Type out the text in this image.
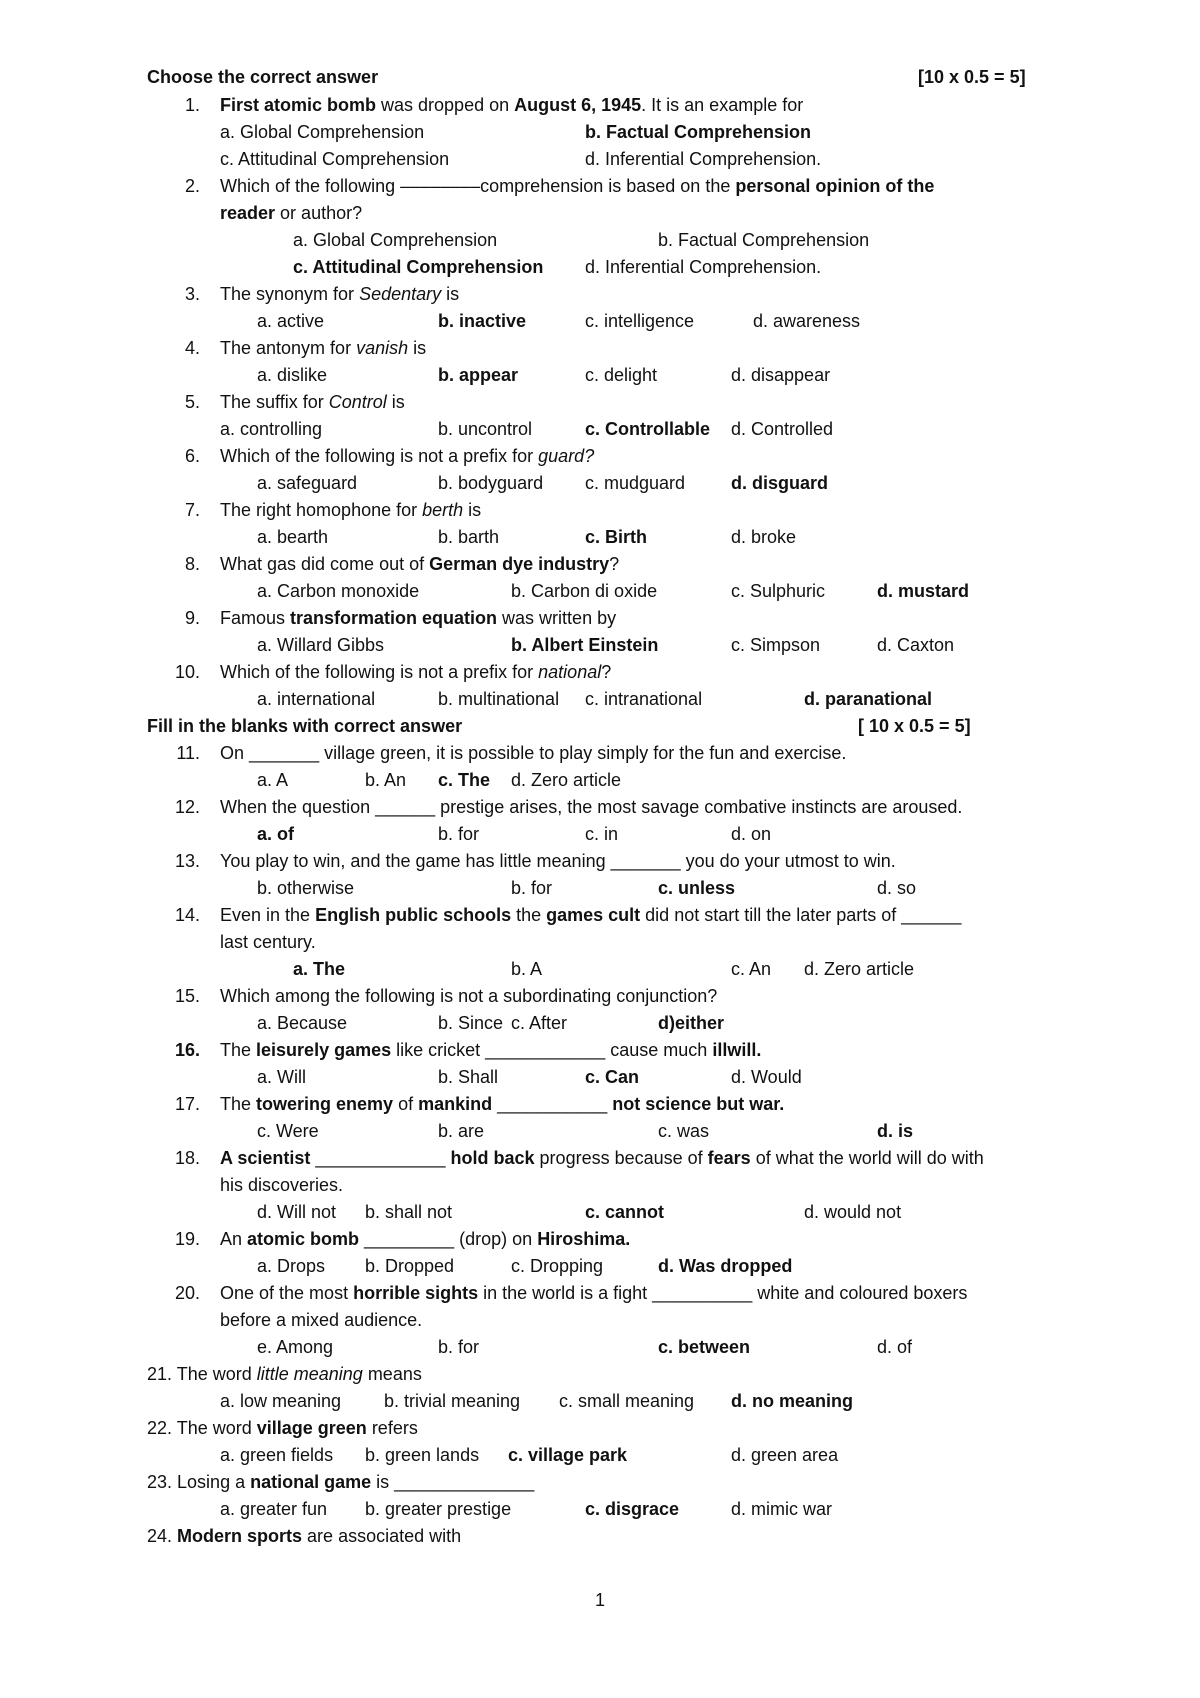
Choose the correct answer	[10 x 0.5 = 5]
1. First atomic bomb was dropped on August 6, 1945. It is an example for
a. Global Comprehension	b. Factual Comprehension
c. Attitudinal Comprehension	d. Inferential Comprehension.
2. Which of the following ––––––––comprehension is based on the personal opinion of the
reader or author?
a. Global Comprehension	b. Factual Comprehension
c. Attitudinal Comprehension d. Inferential Comprehension.
3. The synonym for Sedentary is
a. active	b. inactive	c. intelligence	d. awareness
4. The antonym for vanish is
a. dislike	b. appear	c. delight	d. disappear
5. The suffix for Control is
a. controlling	b. uncontrol	c. Controllable d. Controlled
6. Which of the following is not a prefix for guard?
a. safeguard	b. bodyguard c. mudguard	d. disguard
7. The right homophone for berth is
a. bearth	b. barth	c. Birth	d. broke
8. What gas did come out of German dye industry?
a. Carbon monoxide	b. Carbon di oxide	c. Sulphuric	d. mustard
9. Famous transformation equation was written by
a. Willard Gibbs	b. Albert Einstein	c. Simpson	d. Caxton
10. Which of the following is not a prefix for national?
a. international	b. multinational c. intranational	d. paranational
Fill in the blanks with correct answer	[ 10 x 0.5 = 5]
11. On _______ village green, it is possible to play simply for the fun and exercise.
a. A	b. An c. The d. Zero article
12. When the question ______ prestige arises, the most savage combative instincts are aroused.
a. of	b. for	c. in	d. on
13. You play to win, and the game has little meaning _______ you do your utmost to win.
b. otherwise	b. for	c. unless	d. so
14. Even in the English public schools the games cult did not start till the later parts of ______
last century.
a. The	b. A	c. An d. Zero article
15. Which among the following is not a subordinating conjunction?
a. Because	b. Since c. After	d)either
16. The leisurely games like cricket ____________ cause much illwill.
a. Will	b. Shall	c. Can	d. Would
17. The towering enemy of mankind ___________ not science but war.
c. Were	b. are	c. was	d. is
18. A scientist _____________ hold back progress because of fears of what the world will do with
his discoveries.
d. Will not b. shall not	c. cannot	d. would not
19. An atomic bomb _________ (drop) on Hiroshima.
a. Drops b. Dropped	c. Dropping	d. Was dropped
20. One of the most horrible sights in the world is a fight __________ white and coloured boxers
before a mixed audience.
e. Among	b. for	c. between	d. of
21. The word little meaning means
a. low meaning b. trivial meaning c. small meaning d. no meaning
22. The word village green refers
a. green fields b. green lands c. village park	d. green area
23. Losing a national game is ______________
a. greater fun b. greater prestige	c. disgrace	d. mimic war
24. Modern sports are associated with
1
